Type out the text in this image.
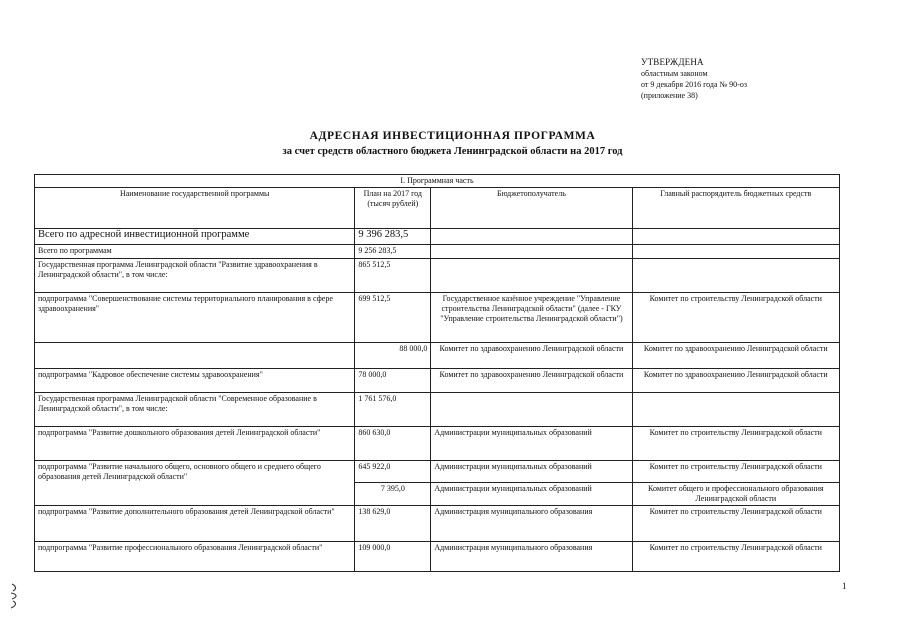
УТВЕРЖДЕНА
областным законом
от 9 декабря 2016 года № 90-оз
(приложение 38)
АДРЕСНАЯ ИНВЕСТИЦИОННАЯ ПРОГРАММА
за счет средств областного бюджета Ленинградской области на 2017 год
I. Программная часть			
Наименование государственной программы	План на 2017 год (тысяч рублей)	Бюджетополучатель	Главный распорядитель бюджетных средств
Всего по адресной инвестиционной программе	9 396 283,5		
Всего по программам	9 256 283,5		
Государственная программа Ленинградской области "Развитие здравоохранения в Ленинградской области", в том числе:	865 512,5		
подпрограмма "Совершенствование системы территориального планирования в сфере здравоохранения"	699 512,5	Государственное казённое учреждение "Управление строительства Ленинградской области" (далее - ГКУ "Управление строительства Ленинградской области")	Комитет по строительству Ленинградской области
	88 000,0	Комитет по здравоохранению Ленинградской области	Комитет по здравоохранению Ленинградской области
подпрограмма "Кадровое обеспечение системы здравоохранения"	78 000,0	Комитет по здравоохранению Ленинградской области	Комитет по здравоохранению Ленинградской области
Государственная программа Ленинградской области "Современное образование в Ленинградской области", в том числе:	1 761 576,0		
подпрограмма "Развитие дошкольного образования детей Ленинградской области"	860 630,0	Администрации муниципальных образований	Комитет по строительству Ленинградской области
подпрограмма "Развитие начального общего, основного общего и среднего общего образования детей Ленинградской области"	645 922,0	Администрации муниципальных образований	Комитет по строительству Ленинградской области
	7 395,0	Администрации муниципальных образований	Комитет общего и профессионального образования Ленинградской области
подпрограмма "Развитие дополнительного образования детей Ленинградской области"	138 629,0	Администрация муниципального образования	Комитет по строительству Ленинградской области
подпрограмма "Развитие профессионального образования Ленинградской области"	109 000,0	Администрация муниципального образования	Комитет по строительству Ленинградской области
1
